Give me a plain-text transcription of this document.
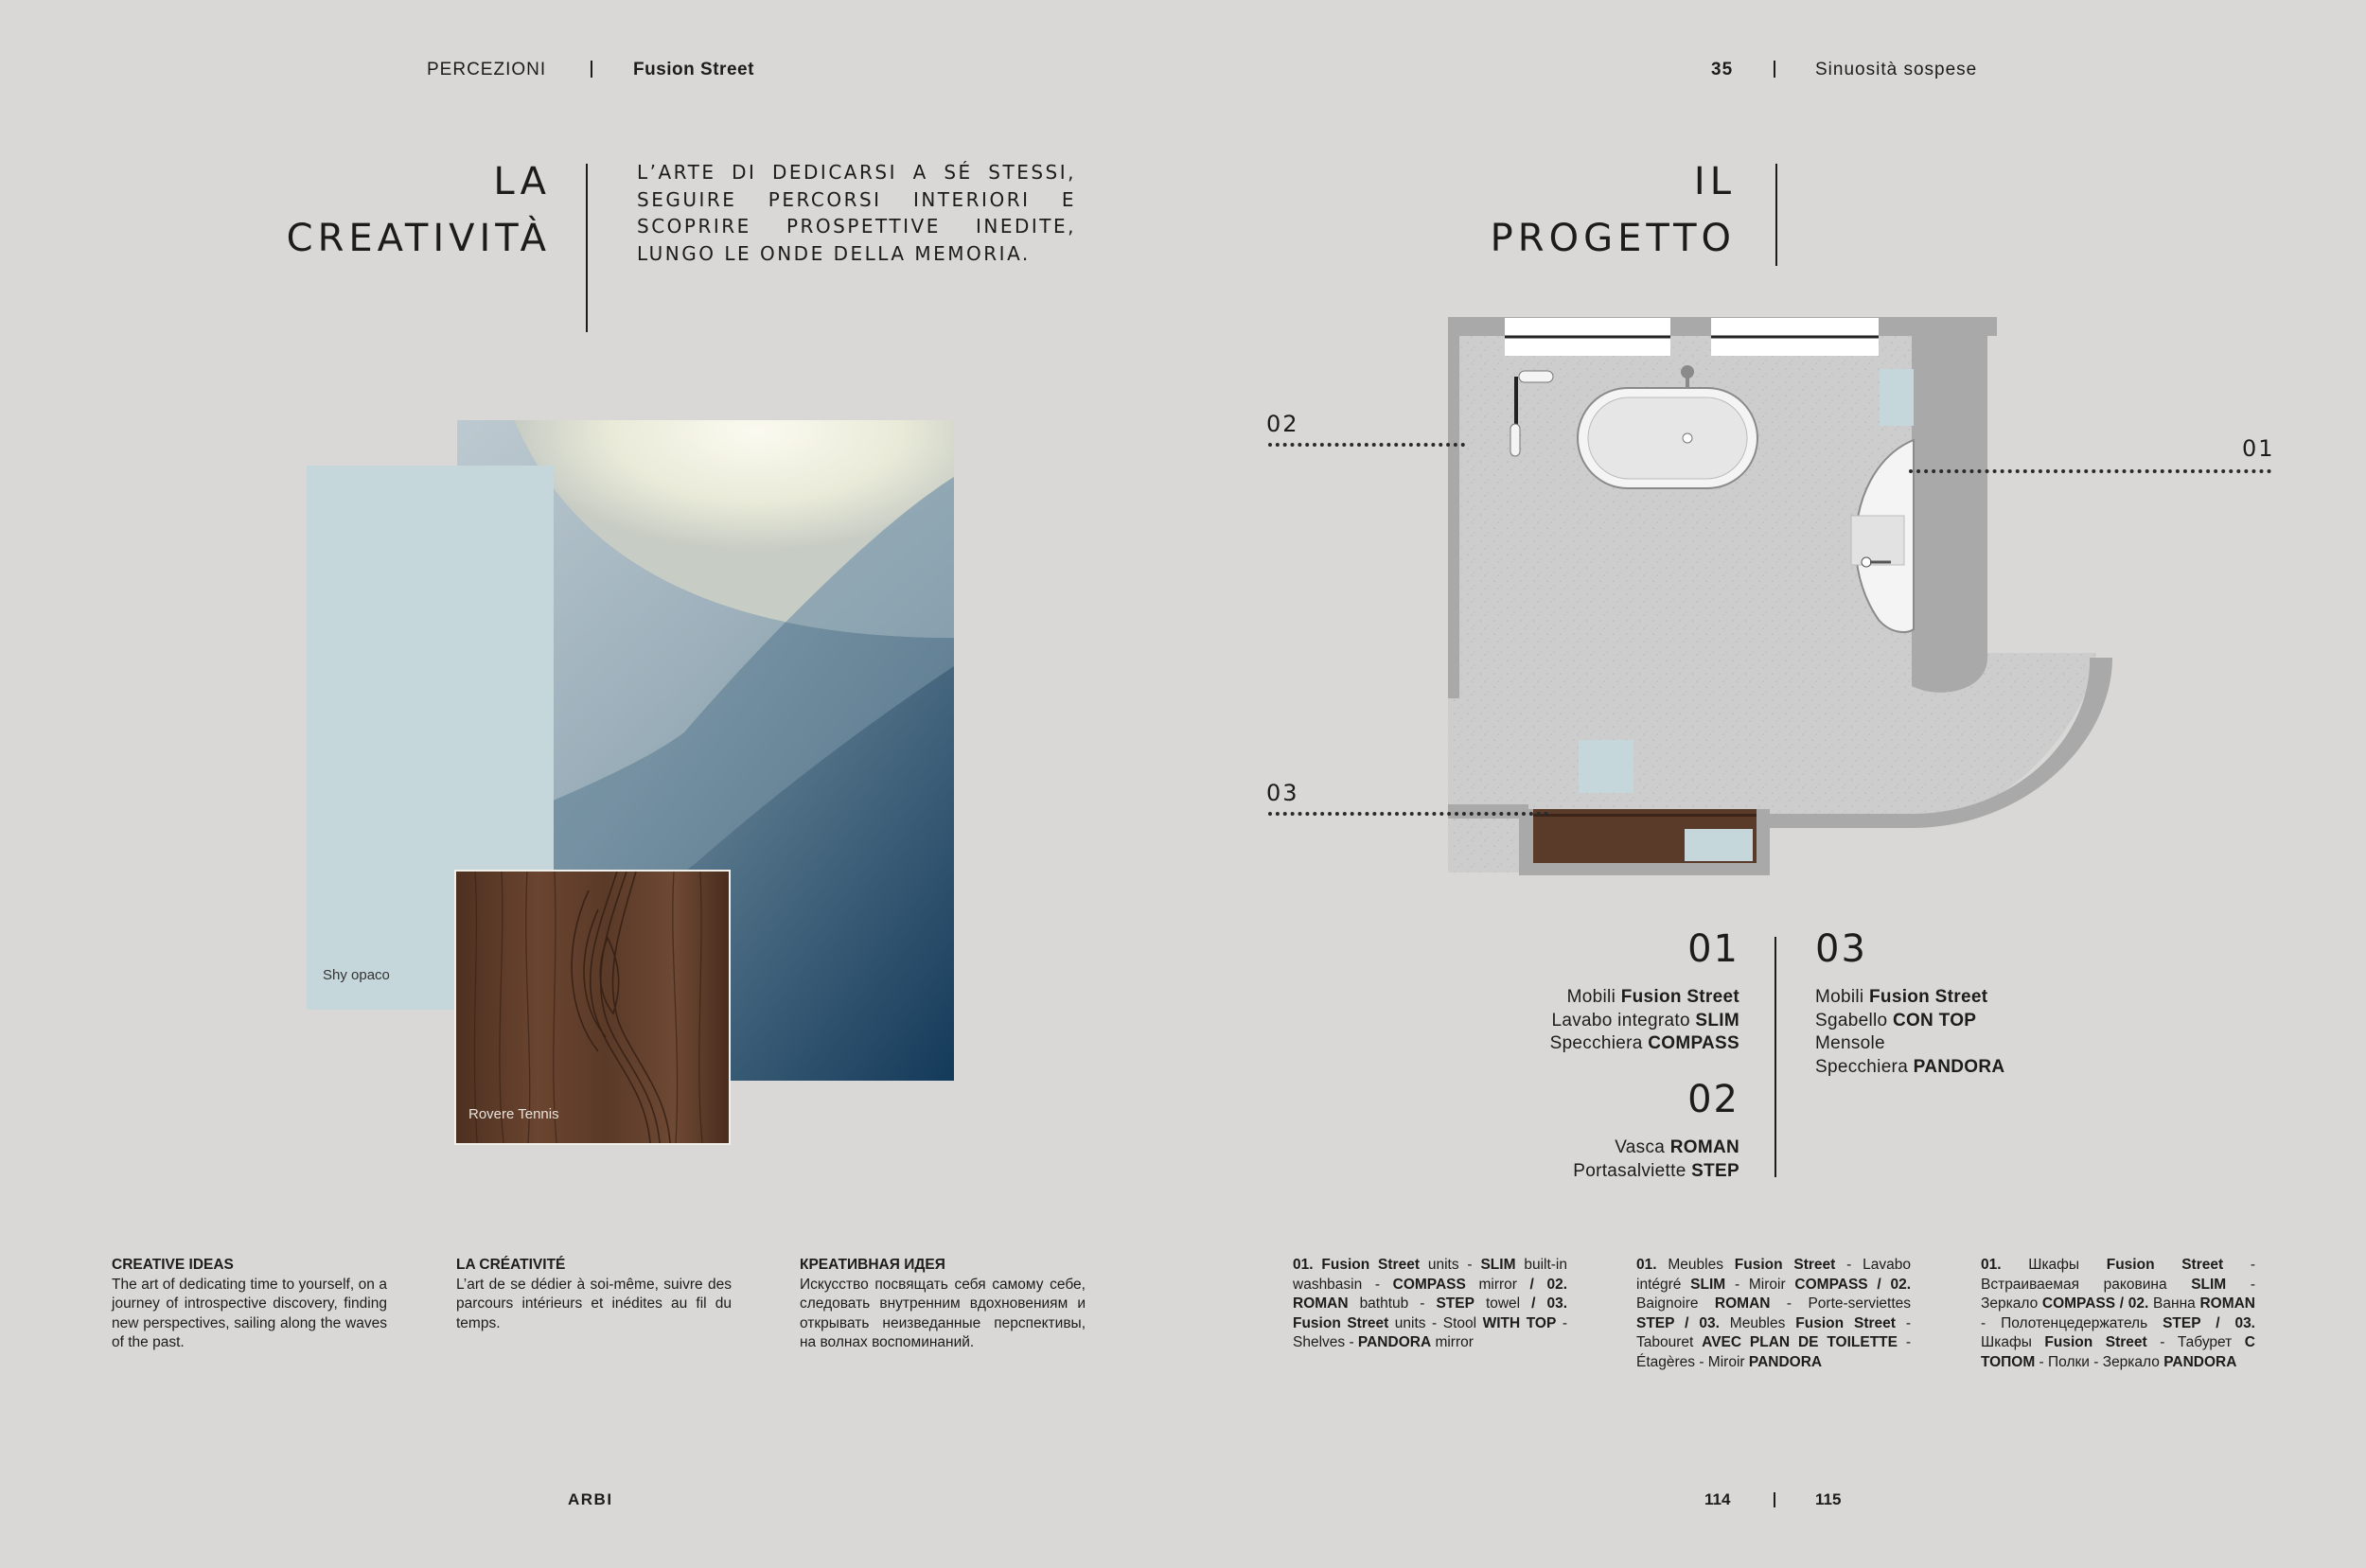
PERCEZIONI	Fusion Street	35	Sinuosità sospese
LA
CREATIVITÀ
L’ARTE DI DEDICARSI A SÉ STESSI,
SEGUIRE PERCORSI INTERIORI E
SCOPRIRE PROSPETTIVE INEDITE,
LUNGO LE ONDE DELLA MEMORIA.
Shy opaco
Rovere Tennis
CREATIVE IDEAS
The art of dedicating time to yourself, on a journey of introspective discovery, finding new perspectives, sailing along the waves of the past.
LA CRÉATIVITÉ
L’art de se dédier à soi-même, suivre des parcours intérieurs et inédites au fil du temps.
КРЕАТИВНАЯ ИДЕЯ
Искусство посвящать себя самому себе, следовать внутренним вдохновениям и открывать неизведанные перспективы, на волнах воспоминаний.
IL
PROGETTO
02
01
03
01
Mobili Fusion Street
Lavabo integrato SLIM
Specchiera COMPASS
02
Vasca ROMAN
Portasalviette STEP
03
Mobili Fusion Street
Sgabello CON TOP
Mensole
Specchiera PANDORA
01. Fusion Street units - SLIM built-in washbasin - COMPASS mirror / 02. ROMAN bathtub - STEP towel / 03. Fusion Street units - Stool WITH TOP - Shelves - PANDORA mirror
01. Meubles Fusion Street - Lavabo intégré SLIM - Miroir COMPASS / 02. Baignoire ROMAN - Porte-serviettes STEP / 03. Meubles Fusion Street - Tabouret AVEC PLAN DE TOILETTE - Étagères - Miroir PANDORA
01. Шкафы Fusion Street - Встраиваемая раковина SLIM - Зеркало COMPASS / 02. Ванна ROMAN - Полотенцедержатель STEP / 03. Шкафы Fusion Street - Табурет С ТОПОМ - Полки - Зеркало PANDORA
ARBI	114	115
